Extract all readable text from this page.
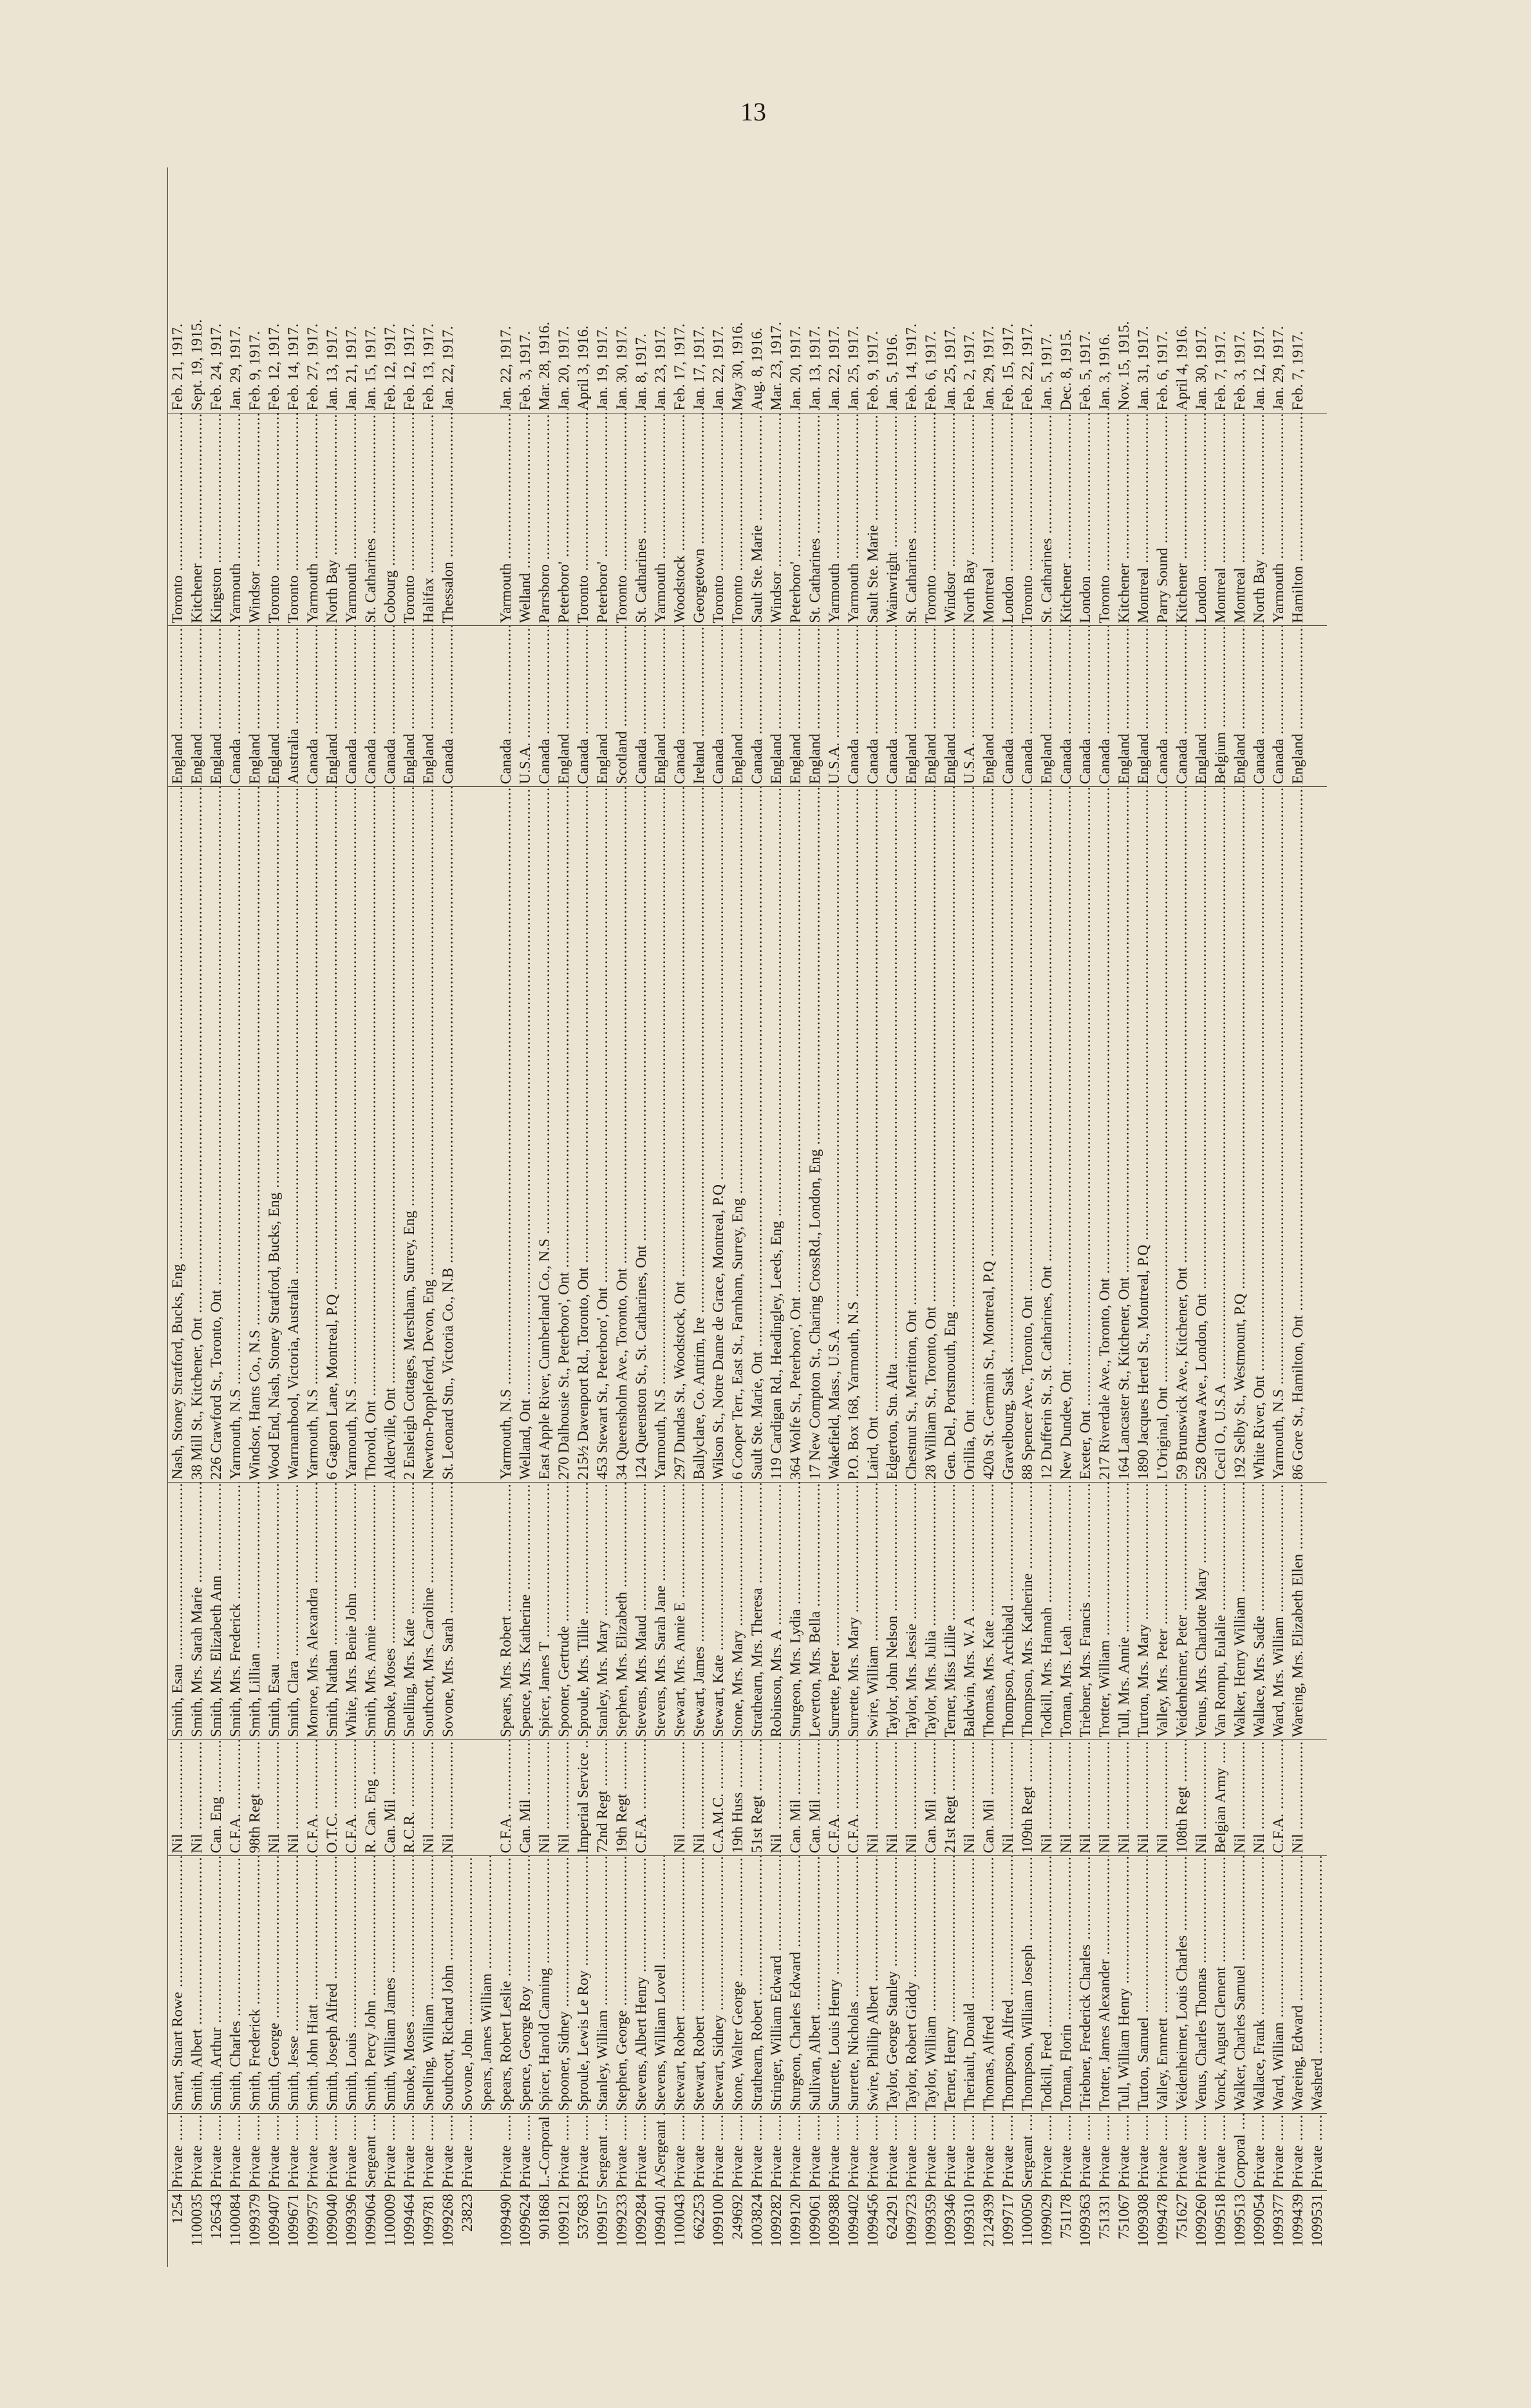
13
1254	Private .....	Smart, Stuart Rowe .....	Nil .....	Smith, Esau .....	Nash, Stoney Stratford, Bucks, Eng .....	England .....	Toronto .....	Feb. 21, 1917.
1100035	Private .....	Smith, Albert .....	Nil .....	Smith, Mrs. Sarah Marie .....	38 Mill St., Kitchener, Ont .....	England .....	Kitchener .....	Sept. 19, 1915.
126543	Private .....	Smith, Arthur .....	Can. Eng .....	Smith, Mrs. Elizabeth Ann .....	226 Crawford St., Toronto, Ont .....	England .....	Kingston .....	Feb. 24, 1917.
1100084	Private .....	Smith, Charles .....	C.F.A. .....	Smith, Mrs. Frederick .....	Yarmouth, N.S .....	Canada .....	Yarmouth .....	Jan. 29, 1917.
1099379	Private .....	Smith, Frederick .....	98th Regt .....	Smith, Lillian .....	Windsor, Hants Co., N.S .....	England .....	Windsor .....	Feb. 9, 1917.
1099407	Private .....	Smith, George .....	Nil .....	Smith, Esau .....	Wood End, Nash, Stoney Stratford, Bucks, Eng .....	England .....	Toronto .....	Feb. 12, 1917.
1099671	Private .....	Smith, Jesse .....	Nil .....	Smith, Clara .....	Warrnambool, Victoria, Australia .....	Australia .....	Toronto .....	Feb. 14, 1917.
1099757	Private .....	Smith, John Hiatt .....	C.F.A. .....	Monroe, Mrs. Alexandra .....	Yarmouth, N.S .....	Canada .....	Yarmouth .....	Feb. 27, 1917.
1099040	Private .....	Smith, Joseph Alfred .....	O.T.C. .....	Smith, Nathan .....	6 Gagnon Lane, Montreal, P.Q .....	England .....	North Bay .....	Jan. 13, 1917.
1099396	Private .....	Smith, Louis .....	C.F.A. .....	White, Mrs. Benie John .....	Yarmouth, N.S .....	Canada .....	Yarmouth .....	Jan. 21, 1917.
1099064	Sergeant .....	Smith, Percy John .....	R. Can. Eng .....	Smith, Mrs. Annie .....	Thorold, Ont .....	Canada .....	St. Catharines .....	Jan. 15, 1917.
1100009	Private .....	Smith, William James .....	Can. Mil .....	Smoke, Moses .....	Alderville, Ont .....	Canada .....	Cobourg .....	Feb. 12, 1917.
1099464	Private .....	Smoke, Moses .....	R.C.R. .....	Snelling, Mrs. Kate .....	2 Ensleigh Cottages, Merstham, Surrey, Eng .....	England .....	Toronto .....	Feb. 12, 1917.
1099781	Private .....	Snelling, William .....	Nil .....	Southcott, Mrs. Caroline .....	Newton-Poppleford, Devon, Eng .....	England .....	Halifax .....	Feb. 13, 1917.
1099268	Private .....	Southcott, Richard John .....	Nil .....	Sovone, Mrs. Sarah .....	St. Leonard Stn., Victoria Co., N.B .....	Canada .....	Thessalon .....	Jan. 22, 1917.
23823	Private .....	Sovone, John .....						
		Spears, James William .....						
1099490	Private .....	Spears, Robert Leslie .....	C.F.A. .....	Spears, Mrs. Robert .....	Yarmouth, N.S .....	Canada .....	Yarmouth .....	Jan. 22, 1917.
1099624	Private .....	Spence, George Roy .....	Can. Mil .....	Spence, Mrs. Katherine .....	Welland, Ont .....	U.S.A. .....	Welland .....	Feb. 3, 1917.
901868	L.-Corporal .....	Spicer, Harold Canning .....	Nil .....	Spicer, James T .....	East Apple River, Cumberland Co., N.S .....	Canada .....	Parrsboro .....	Mar. 28, 1916.
1099121	Private .....	Spooner, Sidney .....	Nil .....	Spooner, Gertrude .....	270 Dalhousie St., Peterboro', Ont .....	England .....	Peterboro' .....	Jan. 20, 1917.
537683	Private .....	Sproule, Lewis Le Roy .....	Imperial Service .....	Sproule, Mrs. Tillie .....	215½ Davenport Rd., Toronto, Ont .....	Canada .....	Toronto .....	April 3, 1916.
1099157	Sergeant .....	Stanley, William .....	72nd Regt .....	Stanley, Mrs. Mary .....	453 Stewart St., Peterboro', Ont .....	England .....	Peterboro' .....	Jan. 19, 1917.
1099233	Private .....	Stephen, George .....	19th Regt .....	Stephen, Mrs. Elizabeth .....	34 Queensholm Ave., Toronto, Ont .....	Scotland .....	Toronto .....	Jan. 30, 1917.
1099284	Private .....	Stevens, Albert Henry .....	C.F.A. .....	Stevens, Mrs. Maud .....	124 Queenston St., St. Catharines, Ont .....	Canada .....	St. Catharines .....	Jan. 8, 1917.
1099401	A/Sergeant .....	Stevens, William Lovell .....		Stevens, Mrs. Sarah Jane .....	Yarmouth, N.S .....	England .....	Yarmouth .....	Jan. 23, 1917.
1100043	Private .....	Stewart, Robert .....	Nil .....	Stewart, Mrs. Annie E .....	297 Dundas St., Woodstock, Ont .....	Canada .....	Woodstock .....	Feb. 17, 1917.
662253	Private .....	Stewart, Robert .....	Nil .....	Stewart, James .....	Ballyclare, Co. Antrim, Ire .....	Ireland .....	Georgetown .....	Jan. 17, 1917.
1099100	Private .....	Stewart, Sidney .....	C.A.M.C. .....	Stewart, Kate .....	Wilson St., Notre Dame de Grace, Montreal, P.Q .....	Canada .....	Toronto .....	Jan. 22, 1917.
249692	Private .....	Stone, Walter George .....	19th Huss .....	Stone, Mrs. Mary .....	6 Cooper Terr., East St., Farnham, Surrey, Eng .....	England .....	Toronto .....	May 30, 1916.
1003824	Private .....	Strathearn, Robert .....	51st Regt .....	Strathearn, Mrs. Theresa .....	Sault Ste. Marie, Ont .....	Canada .....	Sault Ste. Marie .....	Aug. 8, 1916.
1099282	Private .....	Stringer, William Edward .....	Nil .....	Robinson, Mrs. A .....	119 Cardigan Rd., Headingley, Leeds, Eng .....	England .....	Windsor .....	Mar. 23, 1917.
1099120	Private .....	Sturgeon, Charles Edward .....	Can. Mil .....	Sturgeon, Mrs. Lydia .....	364 Wolfe St., Peterboro', Ont .....	England .....	Peterboro' .....	Jan. 20, 1917.
1099061	Private .....	Sullivan, Albert .....	Can. Mil .....	Leverton, Mrs. Bella .....	17 New Compton St., Charing CrossRd., London, Eng .....	England .....	St. Catharines .....	Jan. 13, 1917.
1099388	Private .....	Surrette, Louis Henry .....	C.F.A. .....	Surrette, Peter .....	Wakefield, Mass., U.S.A .....	U.S.A. .....	Yarmouth .....	Jan. 22, 1917.
1099402	Private .....	Surrette, Nicholas .....	C.F.A. .....	Surrette, Mrs. Mary .....	P.O. Box 168, Yarmouth, N.S .....	Canada .....	Yarmouth .....	Jan. 25, 1917.
1099456	Private .....	Swire, Phillip Albert .....	Nil .....	Swire, William .....	Laird, Ont .....	Canada .....	Sault Ste. Marie .....	Feb. 9, 1917.
624291	Private .....	Taylor, George Stanley .....	Nil .....	Taylor, John Nelson .....	Edgerton, Stn. Alta .....	Canada .....	Wainwright .....	Jan. 5, 1916.
1099723	Private .....	Taylor, Robert Giddy .....	Nil .....	Taylor, Mrs. Jessie .....	Chestnut St., Merritton, Ont .....	England .....	St. Catharines .....	Feb. 14, 1917.
1099359	Private .....	Taylor, William .....	Can. Mil .....	Taylor, Mrs. Julia .....	28 William St., Toronto, Ont .....	England .....	Toronto .....	Feb. 6, 1917.
1099346	Private .....	Terner, Henry .....	21st Regt .....	Terner, Miss Lillie .....	Gen. Del., Portsmouth, Eng .....	England .....	Windsor .....	Jan. 25, 1917.
1099310	Private .....	Theriault, Donald .....	Nil .....	Baldwin, Mrs. W. A .....	Orillia, Ont .....	U.S.A. .....	North Bay .....	Feb. 2, 1917.
2124939	Private .....	Thomas, Alfred .....	Can. Mil .....	Thomas, Mrs. Kate .....	420a St. Germain St., Montreal, P.Q .....	England .....	Montreal .....	Jan. 29, 1917.
1099717	Private .....	Thompson, Alfred .....	Nil .....	Thompson, Archibald .....	Gravelbourg, Sask .....	Canada .....	London .....	Feb. 15, 1917.
1100050	Sergeant .....	Thompson, William Joseph .....	109th Regt .....	Thompson, Mrs. Katherine .....	88 Spencer Ave., Toronto, Ont .....	Canada .....	Toronto .....	Feb. 22, 1917.
1099029	Private .....	Todkill, Fred .....	Nil .....	Todkill, Mrs. Hannah .....	12 Dufferin St., St. Catharines, Ont .....	England .....	St. Catharines .....	Jan. 5, 1917.
751178	Private .....	Toman, Florin .....	Nil .....	Toman, Mrs. Leah .....	New Dundee, Ont .....	Canada .....	Kitchener .....	Dec. 8, 1915.
1099363	Private .....	Triebner, Frederick Charles .....	Nil .....	Triebner, Mrs. Francis .....	Exeter, Ont .....	Canada .....	London .....	Feb. 5, 1917.
751331	Private .....	Trotter, James Alexander .....	Nil .....	Trotter, William .....	217 Riverdale Ave., Toronto, Ont .....	Canada .....	Toronto .....	Jan. 3, 1916.
751067	Private .....	Tull, William Henry .....	Nil .....	Tull, Mrs. Annie .....	164 Lancaster St., Kitchener, Ont .....	England .....	Kitchener .....	Nov. 15, 1915.
1099308	Private .....	Turton, Samuel .....	Nil .....	Turton, Mrs. Mary .....	1890 Jacques Hertel St., Montreal, P.Q .....	England .....	Montreal .....	Jan. 31, 1917.
1099478	Private .....	Valley, Emmett .....	Nil .....	Valley, Mrs. Peter .....	L'Original, Ont .....	Canada .....	Parry Sound .....	Feb. 6, 1917.
751627	Private .....	Veidenheimer, Louis Charles .....	108th Regt .....	Veidenheimer, Peter .....	59 Brunswick Ave., Kitchener, Ont .....	Canada .....	Kitchener .....	April 4, 1916.
1099260	Private .....	Venus, Charles Thomas .....	Nil .....	Venus, Mrs. Charlotte Mary .....	528 Ottawa Ave., London, Ont .....	England .....	London .....	Jan. 30, 1917.
1099518	Private .....	Vonck, August Clement .....	Belgian Army .....	Van Rompu, Eulalie .....	Cecil O., U.S.A .....	Belgium .....	Montreal .....	Feb. 7, 1917.
1099513	Corporal .....	Walker, Charles Samuel .....	Nil .....	Walker, Henry William .....	192 Selby St., Westmount, P.Q .....	England .....	Montreal .....	Feb. 3, 1917.
1099054	Private .....	Wallace, Frank .....	Nil .....	Wallace, Mrs. Sadie .....	White River, Ont .....	Canada .....	North Bay .....	Jan. 12, 1917.
1099377	Private .....	Ward, William .....	C.F.A. .....	Ward, Mrs. William .....	Yarmouth, N.S .....	Canada .....	Yarmouth .....	Jan. 29, 1917.
1099439	Private .....	Wareing, Edward .....	Nil .....	Wareing, Mrs. Elizabeth Ellen .....	86 Gore St., Hamilton, Ont .....	England .....	Hamilton .....	Feb. 7, 1917.
1099531	Private .....	Washerd .....						
